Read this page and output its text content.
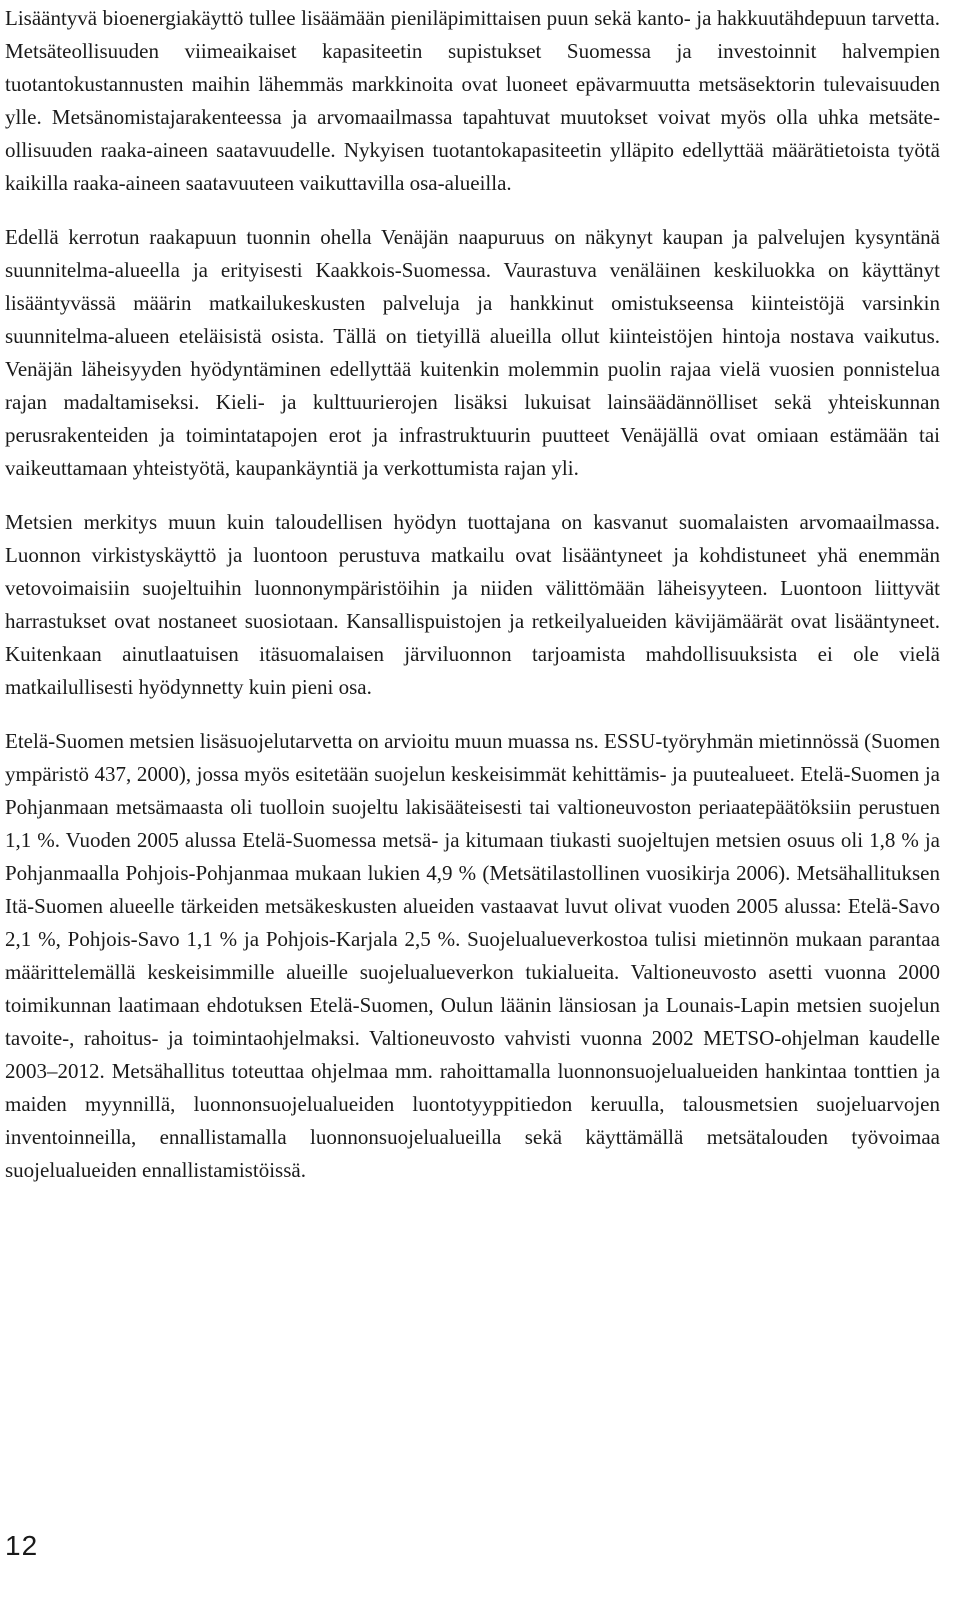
Lisääntyvä bioenergiakäyttö tullee lisäämään pieniläpimittaisen puun sekä kanto- ja hakkuutähdepuun tarvetta. Metsäteollisuuden viimeaikaiset kapasiteetin supistukset Suomessa ja investoinnit halvempien tuotantokustannusten maihin lähemmäs markkinoita ovat luoneet epävarmuutta metsäsektorin tulevaisuuden ylle. Metsänomistajarakenteessa ja arvomaailmassa tapahtuvat muutokset voivat myös olla uhka metsäteollisuuden raaka-aineen saatavuudelle. Nykyisen tuotantokapasiteetin ylläpito edellyttää määrätietoista työtä kaikilla raaka-aineen saatavuuteen vaikuttavilla osa-alueilla.

Edellä kerrotun raakapuun tuonnin ohella Venäjän naapuruus on näkynyt kaupan ja palvelujen kysyntänä suunnitelma-alueella ja erityisesti Kaakkois-Suomessa. Vaurastuva venäläinen keskiluokka on käyttänyt lisääntyvässä määrin matkailukeskusten palveluja ja hankkinut omistukseensa kiinteistöjä varsinkin suunnitelma-alueen eteläisistä osista. Tällä on tietyillä alueilla ollut kiinteistöjen hintoja nostava vaikutus. Venäjän läheisyyden hyödyntäminen edellyttää kuitenkin molemmin puolin rajaa vielä vuosien ponnistelua rajan madaltamiseksi. Kieli- ja kulttuurierojen lisäksi lukuisat lainsäädännölliset sekä yhteiskunnan perusrakenteiden ja toimintatapojen erot ja infrastruktuurin puutteet Venäjällä ovat omiaan estämään tai vaikeuttamaan yhteistyötä, kaupankäyntiä ja verkottumista rajan yli.

Metsien merkitys muun kuin taloudellisen hyödyn tuottajana on kasvanut suomalaisten arvomaailmassa. Luonnon virkistyskäyttö ja luontoon perustuva matkailu ovat lisääntyneet ja kohdistuneet yhä enemmän vetovoimaisiin suojeltuihin luonnonympäristöihin ja niiden välittömään läheisyyteen. Luontoon liittyvät harrastukset ovat nostaneet suosiotaan. Kansallispuistojen ja retkeilyalueiden kävijämäärät ovat lisääntyneet. Kuitenkaan ainutlaatuisen itäsuomalaisen järviluonnon tarjoamista mahdollisuuksista ei ole vielä matkailullisesti hyödynnetty kuin pieni osa.

Etelä-Suomen metsien lisäsuojelutarvetta on arvioitu muun muassa ns. ESSU-työryhmän mietinnössä (Suomen ympäristö 437, 2000), jossa myös esitetään suojelun keskeisimmät kehittämis- ja puutealueet. Etelä-Suomen ja Pohjanmaan metsämaasta oli tuolloin suojeltu lakisääteisesti tai valtioneuvoston periaatepäätöksiin perustuen 1,1 %. Vuoden 2005 alussa Etelä-Suomessa metsä- ja kitumaan tiukasti suojeltujen metsien osuus oli 1,8 % ja Pohjanmaalla Pohjois-Pohjanmaa mukaan lukien 4,9 % (Metsätilastollinen vuosikirja 2006). Metsähallituksen Itä-Suomen alueelle tärkeiden metsäkeskusten alueiden vastaavat luvut olivat vuoden 2005 alussa: Etelä-Savo 2,1 %, Pohjois-Savo 1,1 % ja Pohjois-Karjala 2,5 %. Suojelualueverkostoa tulisi mietinnön mukaan parantaa määrittelemällä keskeisimmille alueille suojelualueverkon tukialueita. Valtioneuvosto asetti vuonna 2000 toimikunnan laatimaan ehdotuksen Etelä-Suomen, Oulun läänin länsiosan ja Lounais-Lapin metsien suojelun tavoite-, rahoitus- ja toimintaohjelmaksi. Valtioneuvosto vahvisti vuonna 2002 METSO-ohjelman kaudelle 2003–2012. Metsähallitus toteuttaa ohjelmaa mm. rahoittamalla luonnonsuojelualueiden hankintaa tonttien ja maiden myynnillä, luonnonsuojelualueiden luontotyyppitiedon keruulla, talousmetsien suojeluarvojen inventoinneilla, ennallistamalla luonnonsuojelualueilla sekä käyttämällä metsätalouden työvoimaa suojelualueiden ennallistamistöissä.

12
